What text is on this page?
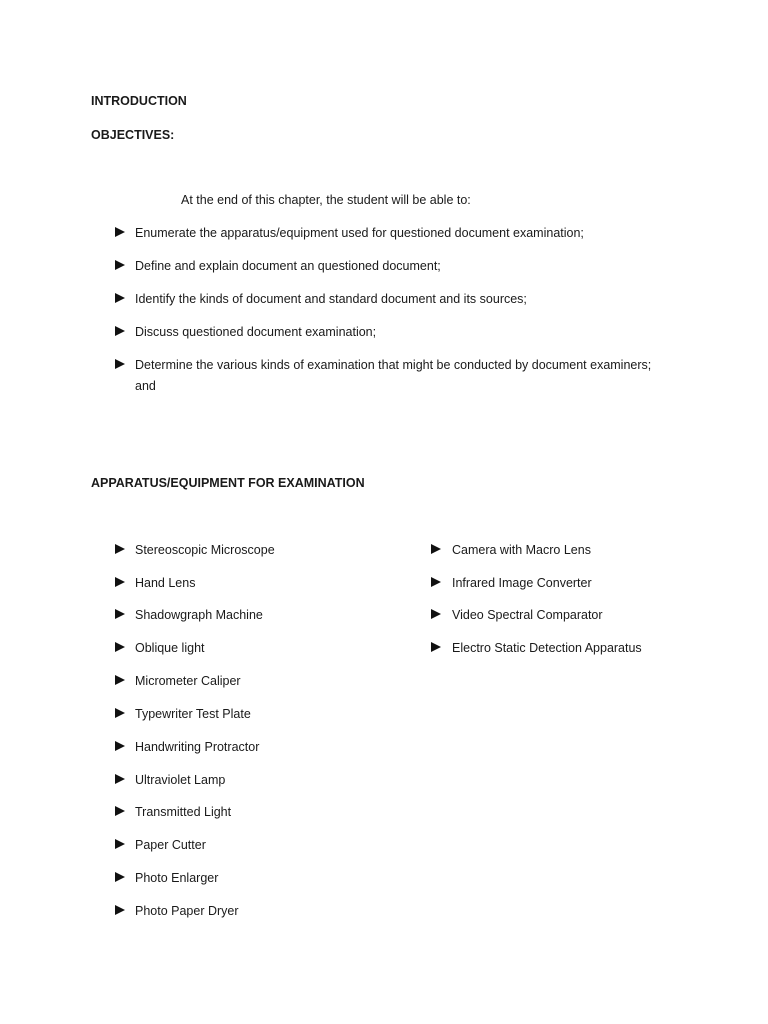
INTRODUCTION
OBJECTIVES:
At the end of this chapter, the student will be able to:
Enumerate the apparatus/equipment used for questioned document examination;
Define and explain document an questioned document;
Identify the kinds of document and standard document and its sources;
Discuss questioned document examination;
Determine the various kinds of examination that might be conducted by document examiners;
and
APPARATUS/EQUIPMENT FOR EXAMINATION
Stereoscopic Microscope
Hand Lens
Shadowgraph Machine
Oblique light
Micrometer Caliper
Typewriter Test Plate
Handwriting Protractor
Ultraviolet Lamp
Transmitted Light
Paper Cutter
Photo Enlarger
Photo Paper Dryer
Camera with Macro Lens
Infrared Image Converter
Video Spectral Comparator
Electro Static Detection Apparatus
